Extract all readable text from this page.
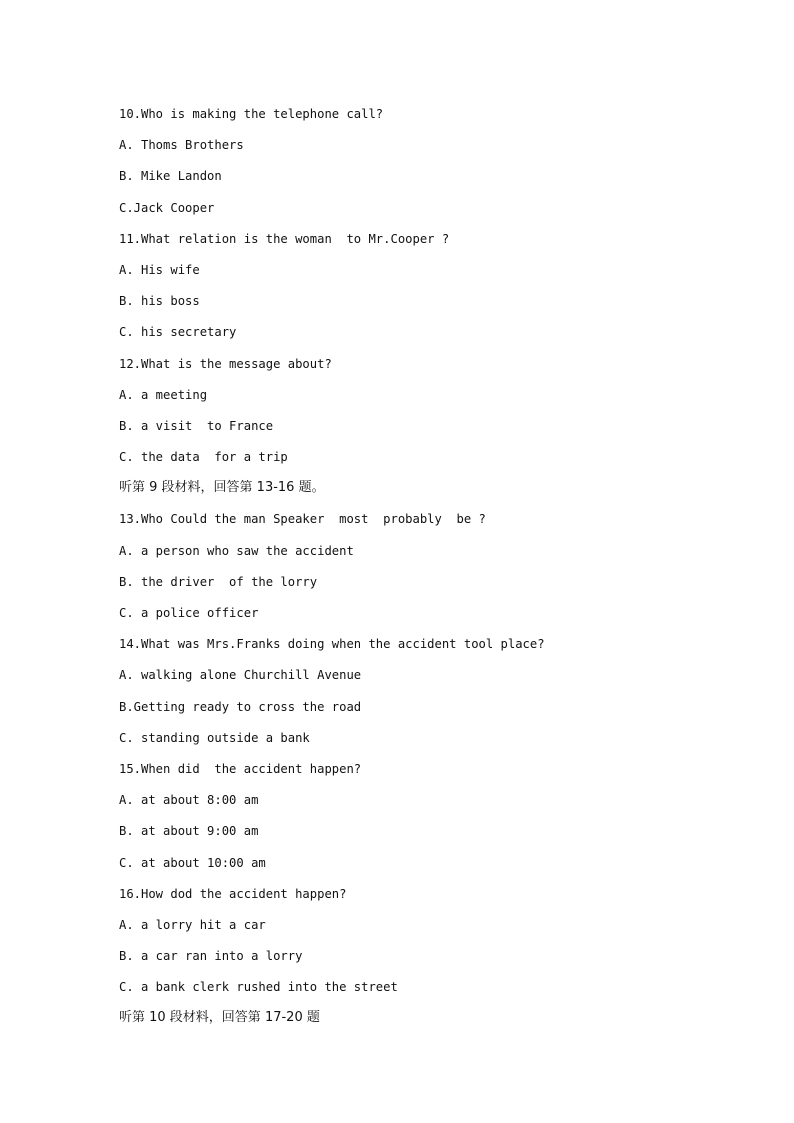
10.Who is making the telephone call?
A. Thoms Brothers
B. Mike Landon
C.Jack Cooper
11.What relation is the woman  to Mr.Cooper ?
A. His wife
B. his boss
C. his secretary
12.What is the message about?
A. a meeting
B. a visit  to France
C. the data  for a trip
听第 9 段材料，回答第 13-16 题。
13.Who Could the man Speaker  most  probably  be ?
A. a person who saw the accident
B. the driver  of the lorry
C. a police officer
14.What was Mrs.Franks doing when the accident tool place?
A. walking alone Churchill Avenue
B.Getting ready to cross the road
C. standing outside a bank
15.When did  the accident happen?
A. at about 8:00 am
B. at about 9:00 am
C. at about 10:00 am
16.How dod the accident happen?
A. a lorry hit a car
B. a car ran into a lorry
C. a bank clerk rushed into the street
听第 10 段材料，回答第 17-20 题
